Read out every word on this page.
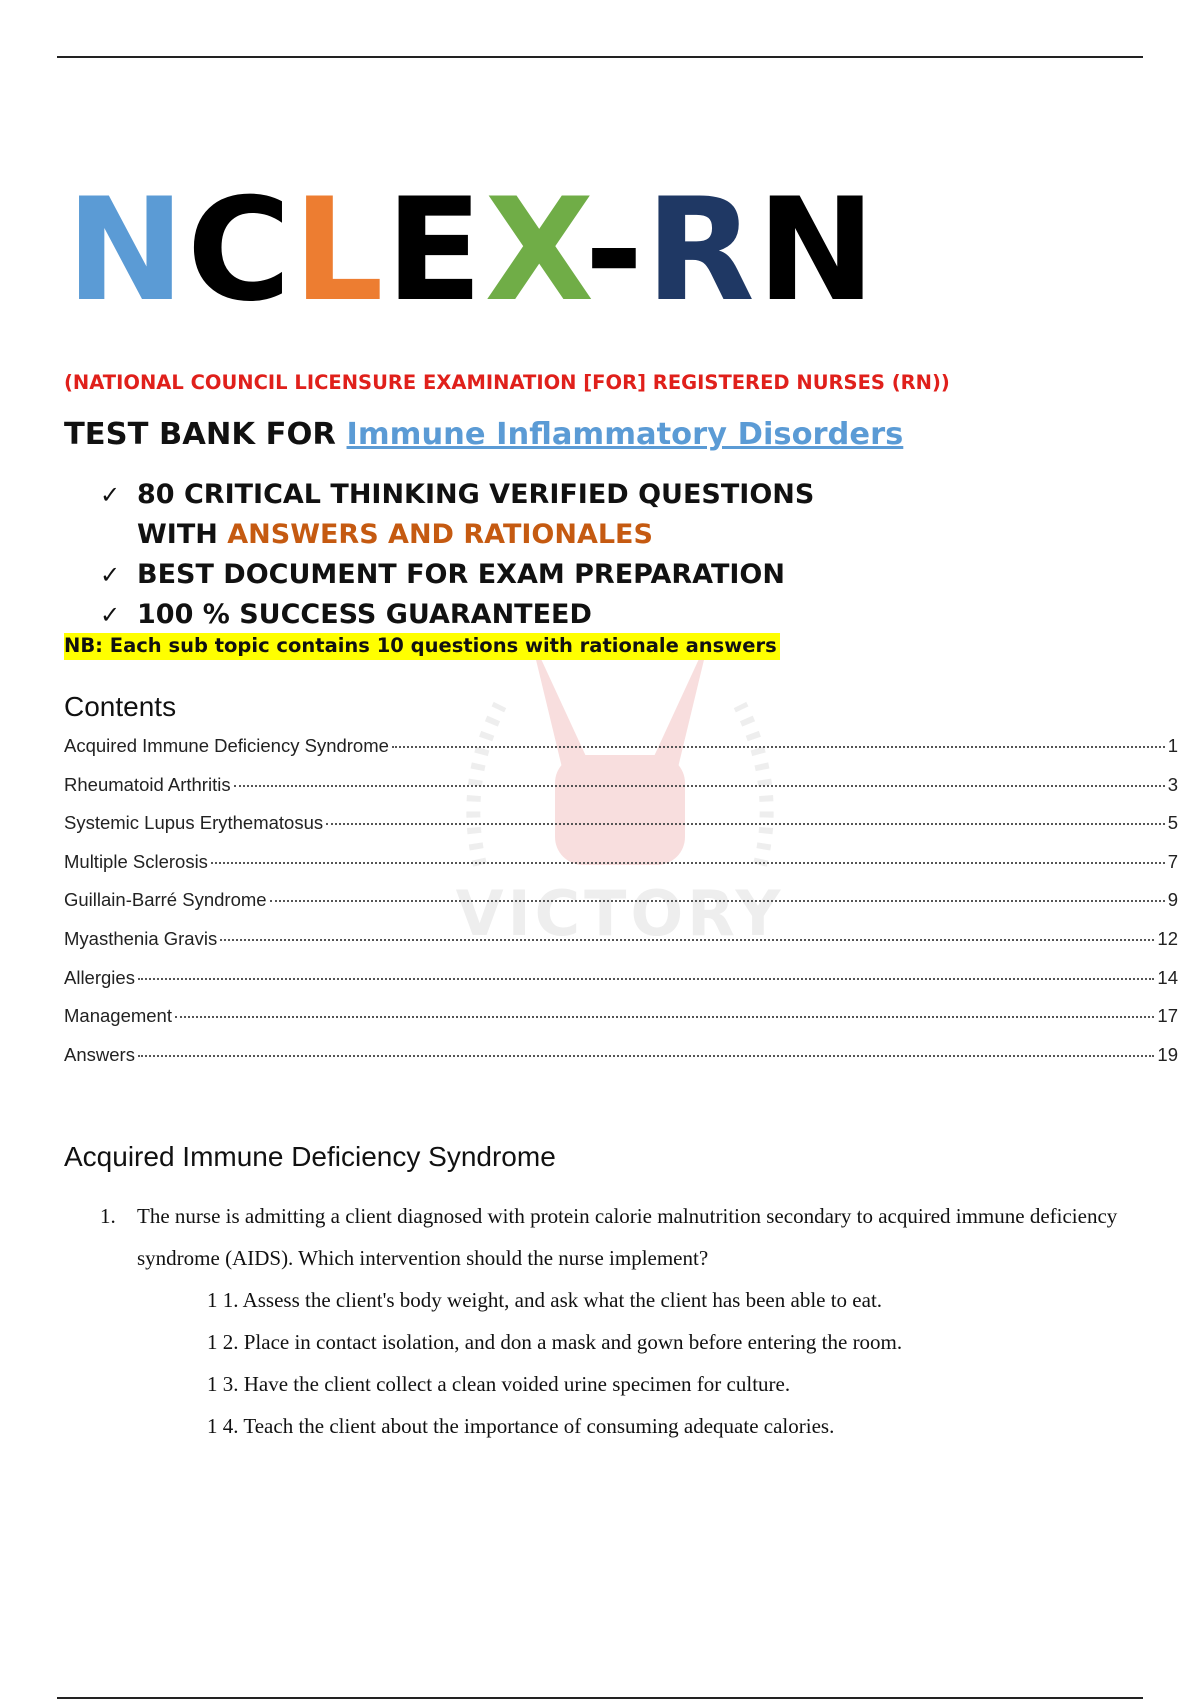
VICTORY
NCLEX-RN

(NATIONAL COUNCIL LICENSURE EXAMINATION [FOR] REGISTERED NURSES (RN))

TEST BANK FOR Immune Inflammatory Disorders
✓ 80 CRITICAL THINKING VERIFIED QUESTIONS
WITH ANSWERS AND RATIONALES
✓ BEST DOCUMENT FOR EXAM PREPARATION
✓ 100 % SUCCESS GUARANTEED

NB: Each sub topic contains 10 questions with rationale answers

Contents
Acquired Immune Deficiency Syndrome	1
Rheumatoid Arthritis	3
Systemic Lupus Erythematosus	5
Multiple Sclerosis	7
Guillain-Barré Syndrome	9
Myasthenia Gravis	12
Allergies	14
Management	17
Answers	19
Acquired Immune Deficiency Syndrome
1. The nurse is admitting a client diagnosed with protein calorie malnutrition secondary to acquired immune deficiency syndrome (AIDS). Which intervention should the nurse implement?

1 1. Assess the client's body weight, and ask what the client has been able to eat.
1 2. Place in contact isolation, and don a mask and gown before entering the room.
1 3. Have the client collect a clean voided urine specimen for culture.
1 4. Teach the client about the importance of consuming adequate calories.
